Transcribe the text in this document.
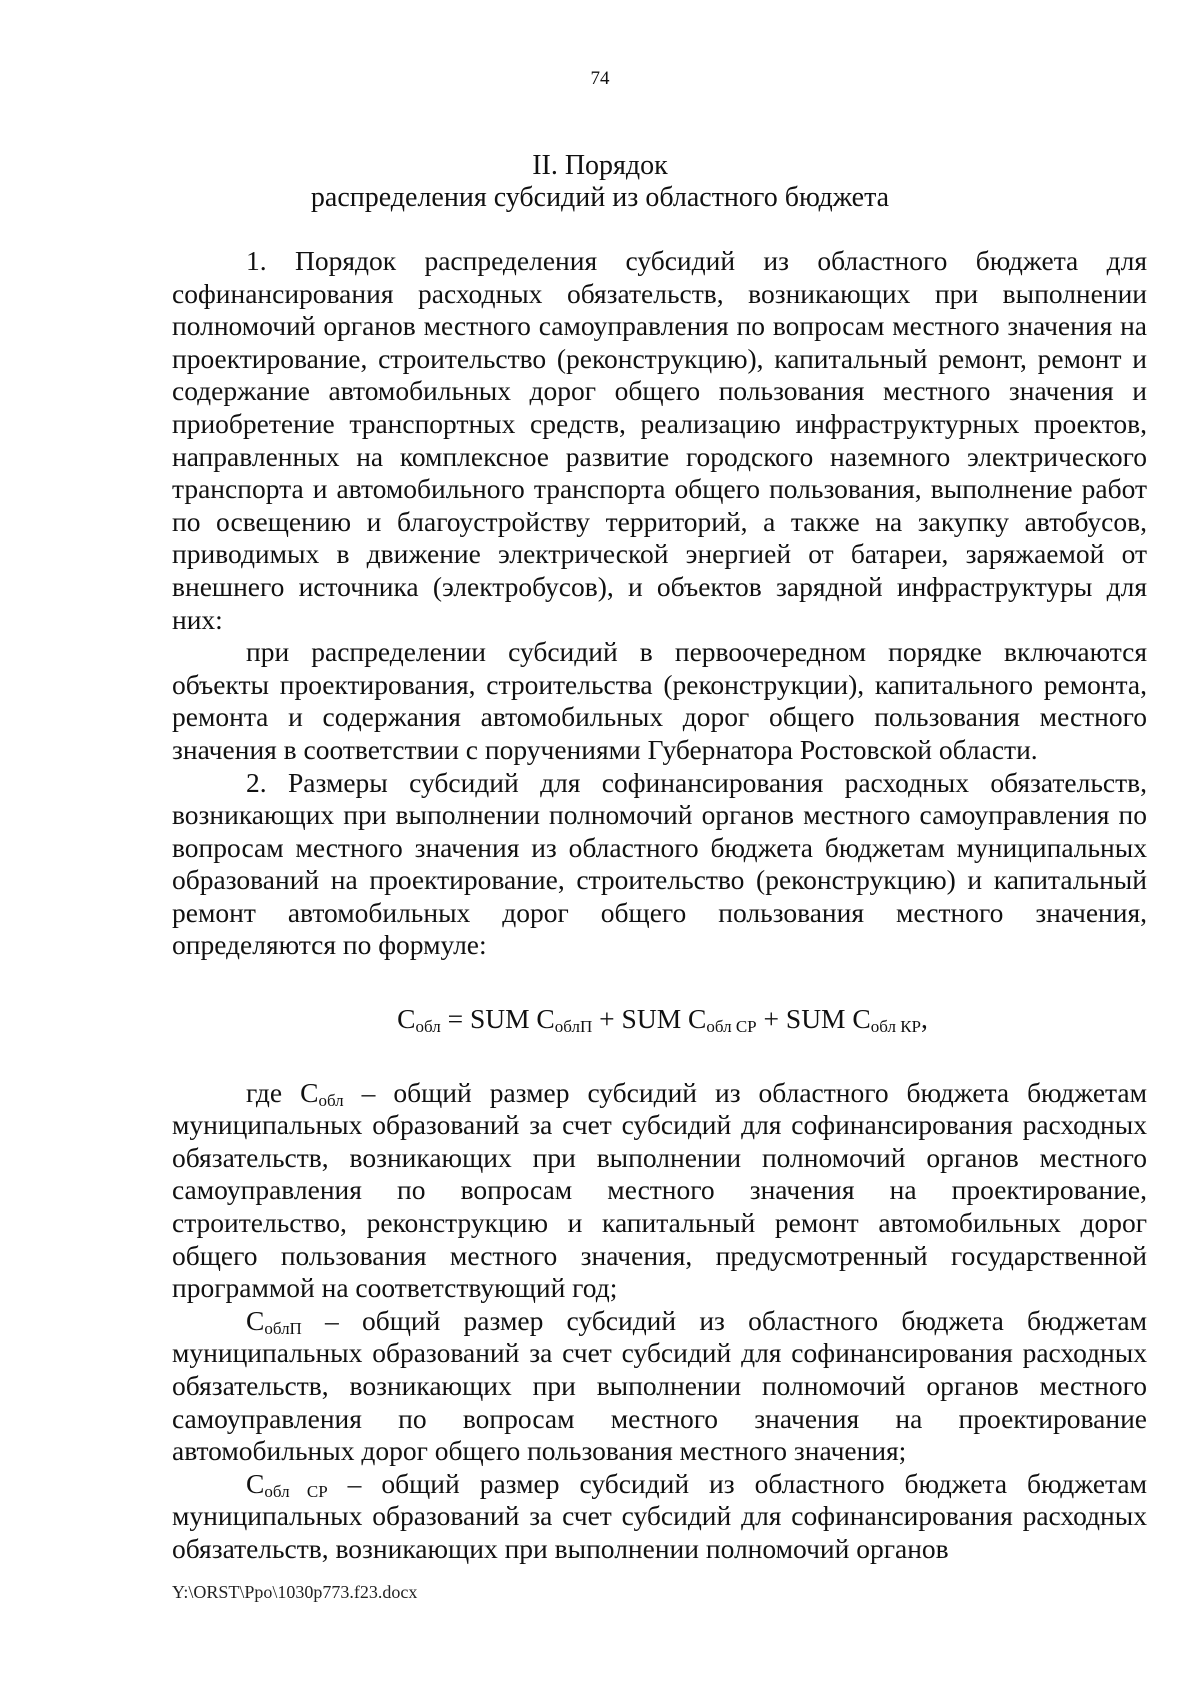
74
II. Порядок
распределения субсидий из областного бюджета

1. Порядок распределения субсидий из областного бюджета для софинансирования расходных обязательств, возникающих при выполнении полномочий органов местного самоуправления по вопросам местного значения на проектирование, строительство (реконструкцию), капитальный ремонт, ремонт и содержание автомобильных дорог общего пользования местного значения и приобретение транспортных средств, реализацию инфраструктурных проектов, направленных на комплексное развитие городского наземного электрического транспорта и автомобильного транспорта общего пользования, выполнение работ по освещению и благоустройству территорий, а также на закупку автобусов, приводимых в движение электрической энергией от батареи, заряжаемой от внешнего источника (электробусов), и объектов зарядной инфраструктуры для них:

при распределении субсидий в первоочередном порядке включаются объекты проектирования, строительства (реконструкции), капитального ремонта, ремонта и содержания автомобильных дорог общего пользования местного значения в соответствии с поручениями Губернатора Ростовской области.

2. Размеры субсидий для софинансирования расходных обязательств, возникающих при выполнении полномочий органов местного самоуправления по вопросам местного значения из областного бюджета бюджетам муниципальных образований на проектирование, строительство (реконструкцию) и капитальный ремонт автомобильных дорог общего пользования местного значения, определяются по формуле:

$С_{обл}$ = SUM $С_{облП}$ + SUM $С_{обл СР}$ + SUM $С_{обл КР}$,

где $С_{обл}$ – общий размер субсидий из областного бюджета бюджетам муниципальных образований за счет субсидий для софинансирования расходных обязательств, возникающих при выполнении полномочий органов местного самоуправления по вопросам местного значения на проектирование, строительство, реконструкцию и капитальный ремонт автомобильных дорог общего пользования местного значения, предусмотренный государственной программой на соответствующий год;

$С_{облП}$ – общий размер субсидий из областного бюджета бюджетам муниципальных образований за счет субсидий для софинансирования расходных обязательств, возникающих при выполнении полномочий органов местного самоуправления по вопросам местного значения на проектирование автомобильных дорог общего пользования местного значения;

$С_{обл СР}$ – общий размер субсидий из областного бюджета бюджетам муниципальных образований за счет субсидий для софинансирования расходных обязательств, возникающих при выполнении полномочий органов

Y:\ORST\Ppo\1030p773.f23.docx
